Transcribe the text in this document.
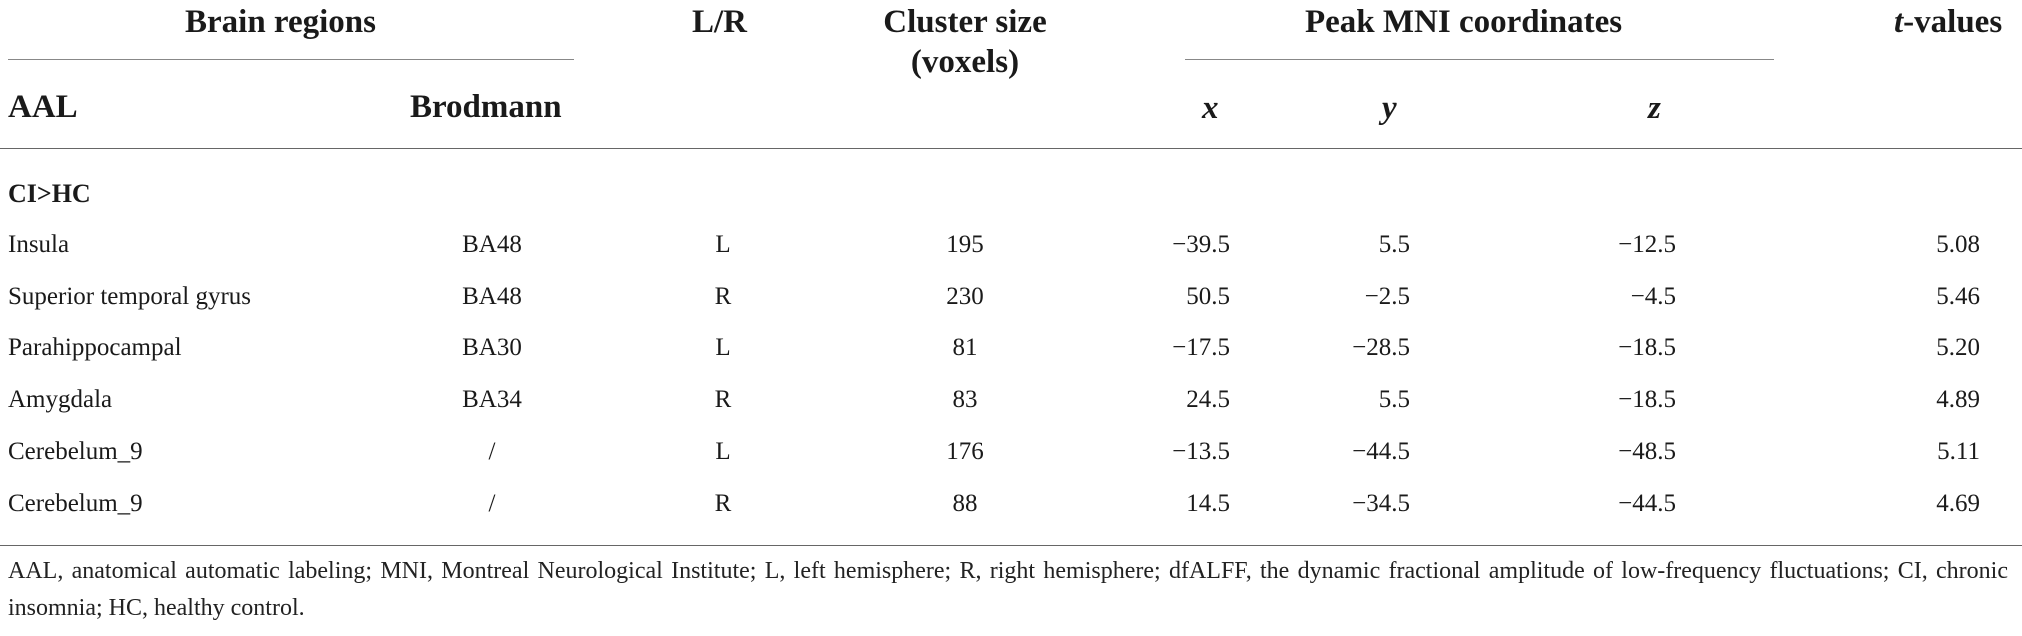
Brain regions	L/R	Cluster size
(voxels)
Peak MNI coordinates	t-values
AAL	Brodmann	x	y	z
CI>HC
Insula	BA48	L	195	−39.5	5.5	−12.5	5.08
Superior temporal gyrus	BA48	R	230	50.5	−2.5	−4.5	5.46
Parahippocampal	BA30	L	81	−17.5	−28.5	−18.5	5.20
Amygdala	BA34	R	83	24.5	5.5	−18.5	4.89
Cerebelum_9	/	L	176	−13.5	−44.5	−48.5	5.11
Cerebelum_9	/	R	88	14.5	−34.5	−44.5	4.69
AAL, anatomical automatic labeling; MNI, Montreal Neurological Institute; L, left hemisphere; R, right hemisphere; dfALFF, the dynamic fractional amplitude of low-frequency fluctuations; CI, chronic insomnia; HC, healthy control.
